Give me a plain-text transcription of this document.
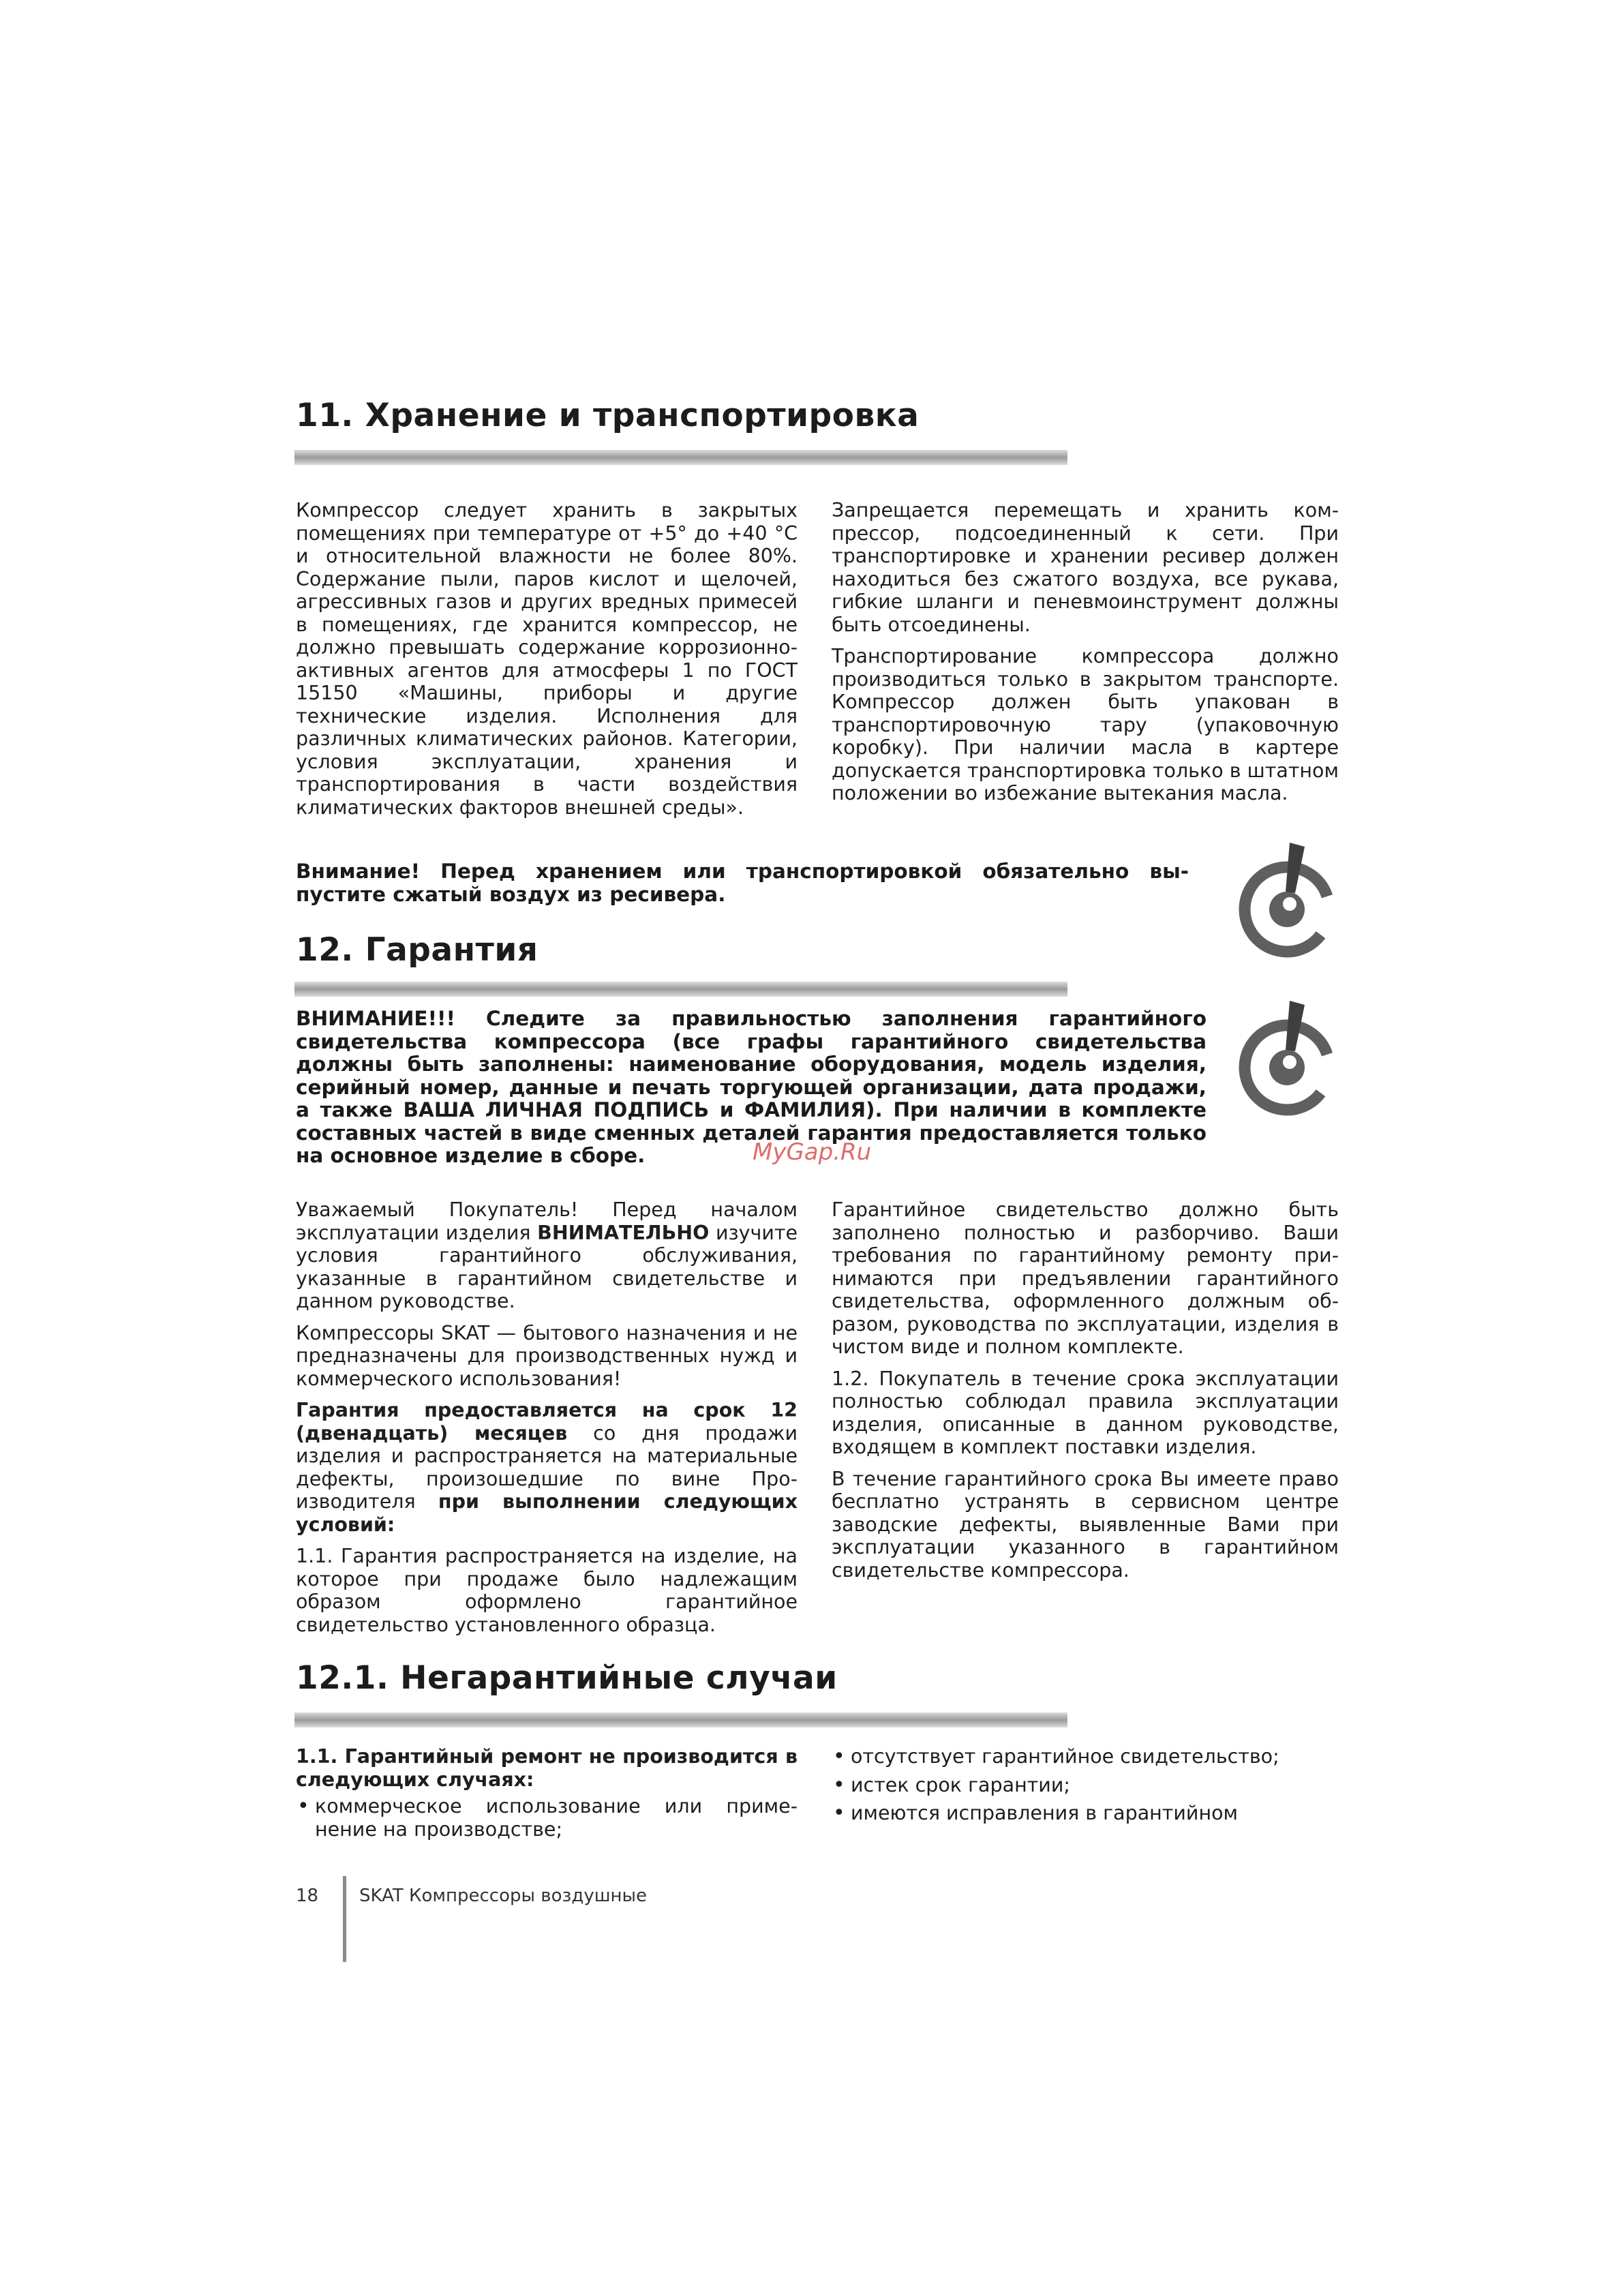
11. Хранение и транспортировка

Компрессор следует хранить в закрытых помещениях при температуре от +5° до +40 °С и относительной влажности не более 80%. Содержание пыли, паров кислот и щелочей, агрессивных газов и других вредных примесей в помещениях, где хранится компрессор, не должно превышать содержание коррозионно-активных агентов для атмосферы 1 по ГОСТ 15150 «Машины, приборы и другие технические изделия. Исполнения для различных климатических районов. Категории, условия эксплуатации, хранения и транспортирования в части воздействия климатических факторов внешней среды».

Запрещается перемещать и хранить компрессор, подсоединенный к сети. При транспортировке и хранении ресивер должен находиться без сжатого воздуха, все рукава, гибкие шланги и пеневмоинструмент должны быть отсоединены.

Транспортирование компрессора должно производиться только в закрытом транспорте. Компрессор должен быть упакован в транспортировочную тару (упаковочную коробку). При наличии масла в картере допускается транспортировка только в штатном положении во избежание вытекания масла.

Внимание! Перед хранением или транспортировкой обязательно выпустите сжатый воздух из ресивера.

12. Гарантия

ВНИМАНИЕ!!! Следите за правильностью заполнения гарантийного свидетельства компрессора (все графы гарантийного свидетельства должны быть заполнены: наименование оборудования, модель изделия, серийный номер, данные и печать торгующей организации, дата продажи, а также ВАША ЛИЧНАЯ ПОДПИСЬ и ФАМИЛИЯ). При наличии в комплекте составных частей в виде сменных деталей гарантия предоставляется только на основное изделие в сборе.	MyGap.Ru

Уважаемый Покупатель! Перед началом эксплуатации изделия ВНИМАТЕЛЬНО изучите условия гарантийного обслуживания, указанные в гарантийном свидетельстве и данном руководстве.

Компрессоры SKAT — бытового назначения и не предназначены для производственных нужд и коммерческого использования!

Гарантия предоставляется на срок 12 (двенадцать) месяцев со дня продажи изделия и распространяется на материальные дефекты, произошедшие по вине Производителя при выполнении следующих условий:

1.1. Гарантия распространяется на изделие, на которое при продаже было надлежащим образом оформлено гарантийное свидетельство установленного образца.

Гарантийное свидетельство должно быть заполнено полностью и разборчиво. Ваши требования по гарантийному ремонту принимаются при предъявлении гарантийного свидетельства, оформленного должным образом, руководства по эксплуатации, изделия в чистом виде и полном комплекте.

1.2. Покупатель в течение срока эксплуатации полностью соблюдал правила эксплуатации изделия, описанные в данном руководстве, входящем в комплект поставки изделия.

В течение гарантийного срока Вы имеете право бесплатно устранять в сервисном центре заводские дефекты, выявленные Вами при эксплуатации указанного в гарантийном свидетельстве компрессора.

12.1. Негарантийные случаи

1.1. Гарантийный ремонт не производится в следующих случаях:

• коммерческое использование или применение на производстве;
• отсутствует гарантийное свидетельство;
• истек срок гарантии;
• имеются исправления в гарантийном
18 SKAT Компрессоры воздушные
